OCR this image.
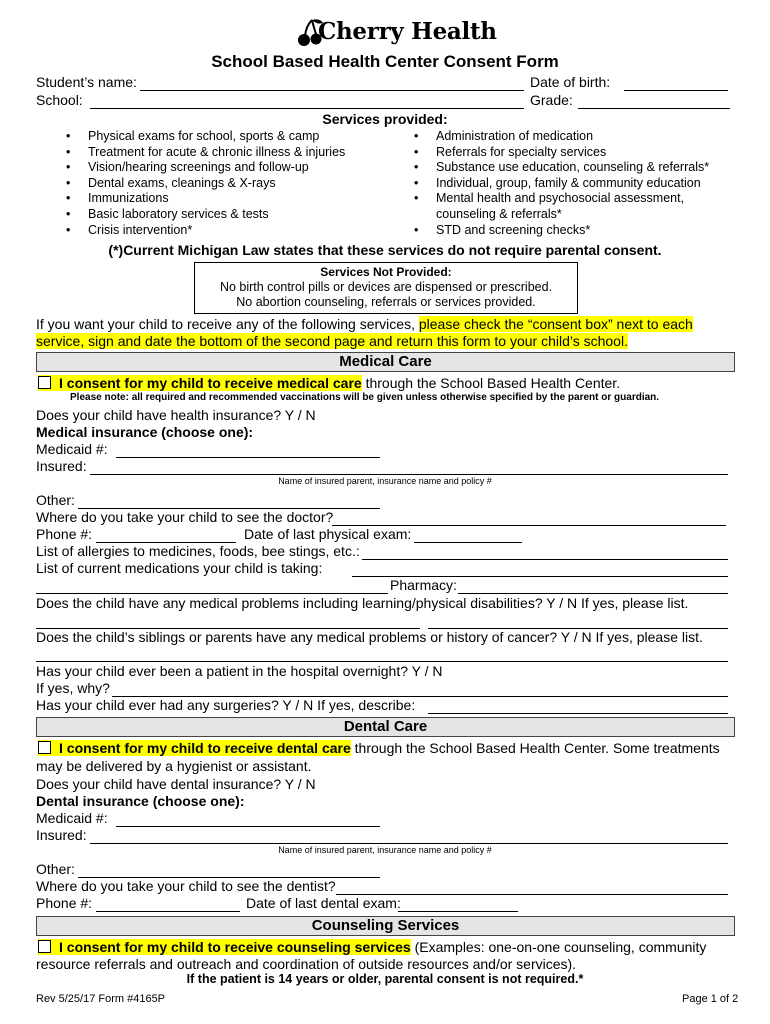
Cherry Health
School Based Health Center Consent Form
Student’s name:	Date of birth:
School:	Grade:
Services provided:
• Physical exams for school, sports & camp
• Treatment for acute & chronic illness & injuries
• Vision/hearing screenings and follow-up
• Dental exams, cleanings & X-rays
• Immunizations
• Basic laboratory services & tests
• Crisis intervention*
• Administration of medication
• Referrals for specialty services
• Substance use education, counseling & referrals*
• Individual, group, family & community education
• Mental health and psychosocial assessment,
counseling & referrals*
• STD and screening checks*
(*)Current Michigan Law states that these services do not require parental consent.
Services Not Provided:
No birth control pills or devices are dispensed or prescribed.
No abortion counseling, referrals or services provided.
If you want your child to receive any of the following services, please check the “consent box” next to each
service, sign and date the bottom of the second page and return this form to your child’s school.
Medical Care
I consent for my child to receive medical care through the School Based Health Center.
Please note: all required and recommended vaccinations will be given unless otherwise specified by the parent or guardian.
Does your child have health insurance? Y / N
Medical insurance (choose one):
Medicaid #:
Insured:
Name of insured parent, insurance name and policy #
Other:
Where do you take your child to see the doctor?
Phone #:	Date of last physical exam:
List of allergies to medicines, foods, bee stings, etc.:
List of current medications your child is taking:
Pharmacy:
Does the child have any medical problems including learning/physical disabilities? Y / N If yes, please list.
Does the child’s siblings or parents have any medical problems or history of cancer? Y / N If yes, please list.
Has your child ever been a patient in the hospital overnight? Y / N
If yes, why?
Has your child ever had any surgeries? Y / N If yes, describe:
Dental Care
I consent for my child to receive dental care through the School Based Health Center. Some treatments
may be delivered by a hygienist or assistant.
Does your child have dental insurance? Y / N
Dental insurance (choose one):
Medicaid #:
Insured:
Name of insured parent, insurance name and policy #
Other:
Where do you take your child to see the dentist?
Phone #:	Date of last dental exam:
Counseling Services
I consent for my child to receive counseling services (Examples: one-on-one counseling, community
resource referrals and outreach and coordination of outside resources and/or services).
If the patient is 14 years or older, parental consent is not required.*
Rev 5/25/17 Form #4165P	Page 1 of 2
